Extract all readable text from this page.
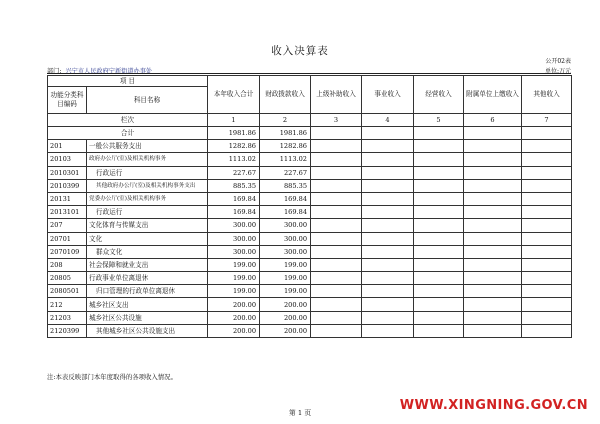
收入决算表
公开02表
部门: 兴宁市人民政府宁新街道办事处	单位:万元
项 目		本年收入合计	财政拨款收入	上级补助收入	事业收入	经营收入	附属单位上缴收入	其他收入
功能分类科目编码	科目名称							
栏次		1	2	3	4	5	6	7
合计		1981.86	1981.86					
201	一般公共服务支出	1282.86	1282.86					
20103	政府办公厅(室)及相关机构事务	1113.02	1113.02					
2010301	行政运行	227.67	227.67					
2010399	其他政府办公厅(室)及相关机构事务支出	885.35	885.35					
20131	党委办公厅(室)及相关机构事务	169.84	169.84					
2013101	行政运行	169.84	169.84					
207	文化体育与传媒支出	300.00	300.00					
20701	文化	300.00	300.00					
2070109	群众文化	300.00	300.00					
208	社会保障和就业支出	199.00	199.00					
20805	行政事业单位离退休	199.00	199.00					
2080501	归口管理的行政单位离退休	199.00	199.00					
212	城乡社区支出	200.00	200.00					
21203	城乡社区公共设施	200.00	200.00					
2120399	其他城乡社区公共设施支出	200.00	200.00					
注:本表反映部门本年度取得的各项收入情况。
第 1 页	WWW.XINGNING.GOV.CN
